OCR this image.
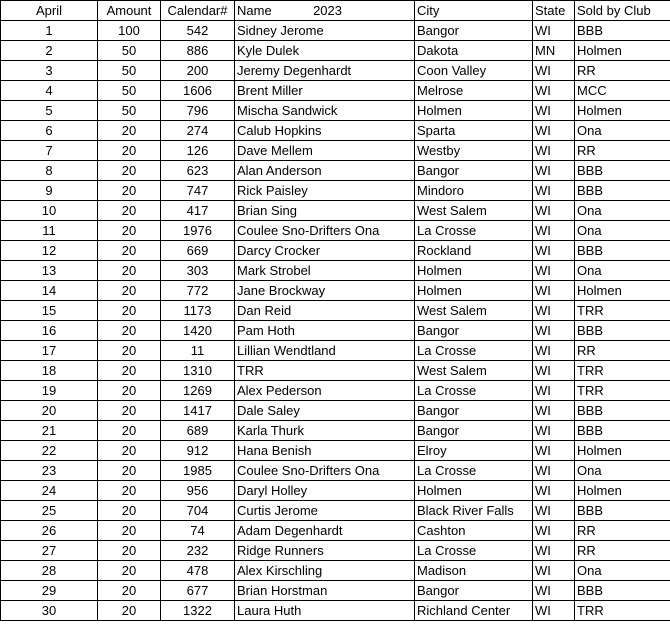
April	Amount	Calendar#	Name 2023	City	State	Sold by Club
1	100	542	Sidney Jerome	Bangor	WI	BBB
2	50	886	Kyle Dulek	Dakota	MN	Holmen
3	50	200	Jeremy Degenhardt	Coon Valley	WI	RR
4	50	1606	Brent Miller	Melrose	WI	MCC
5	50	796	Mischa Sandwick	Holmen	WI	Holmen
6	20	274	Calub Hopkins	Sparta	WI	Ona
7	20	126	Dave Mellem	Westby	WI	RR
8	20	623	Alan Anderson	Bangor	WI	BBB
9	20	747	Rick Paisley	Mindoro	WI	BBB
10	20	417	Brian Sing	West Salem	WI	Ona
11	20	1976	Coulee Sno-Drifters Ona	La Crosse	WI	Ona
12	20	669	Darcy Crocker	Rockland	WI	BBB
13	20	303	Mark Strobel	Holmen	WI	Ona
14	20	772	Jane Brockway	Holmen	WI	Holmen
15	20	1173	Dan Reid	West Salem	WI	TRR
16	20	1420	Pam Hoth	Bangor	WI	BBB
17	20	11	Lillian Wendtland	La Crosse	WI	RR
18	20	1310	TRR	West Salem	WI	TRR
19	20	1269	Alex Pederson	La Crosse	WI	TRR
20	20	1417	Dale Saley	Bangor	WI	BBB
21	20	689	Karla Thurk	Bangor	WI	BBB
22	20	912	Hana Benish	Elroy	WI	Holmen
23	20	1985	Coulee Sno-Drifters Ona	La Crosse	WI	Ona
24	20	956	Daryl Holley	Holmen	WI	Holmen
25	20	704	Curtis Jerome	Black River Falls	WI	BBB
26	20	74	Adam Degenhardt	Cashton	WI	RR
27	20	232	Ridge Runners	La Crosse	WI	RR
28	20	478	Alex Kirschling	Madison	WI	Ona
29	20	677	Brian Horstman	Bangor	WI	BBB
30	20	1322	Laura Huth	Richland Center	WI	TRR
